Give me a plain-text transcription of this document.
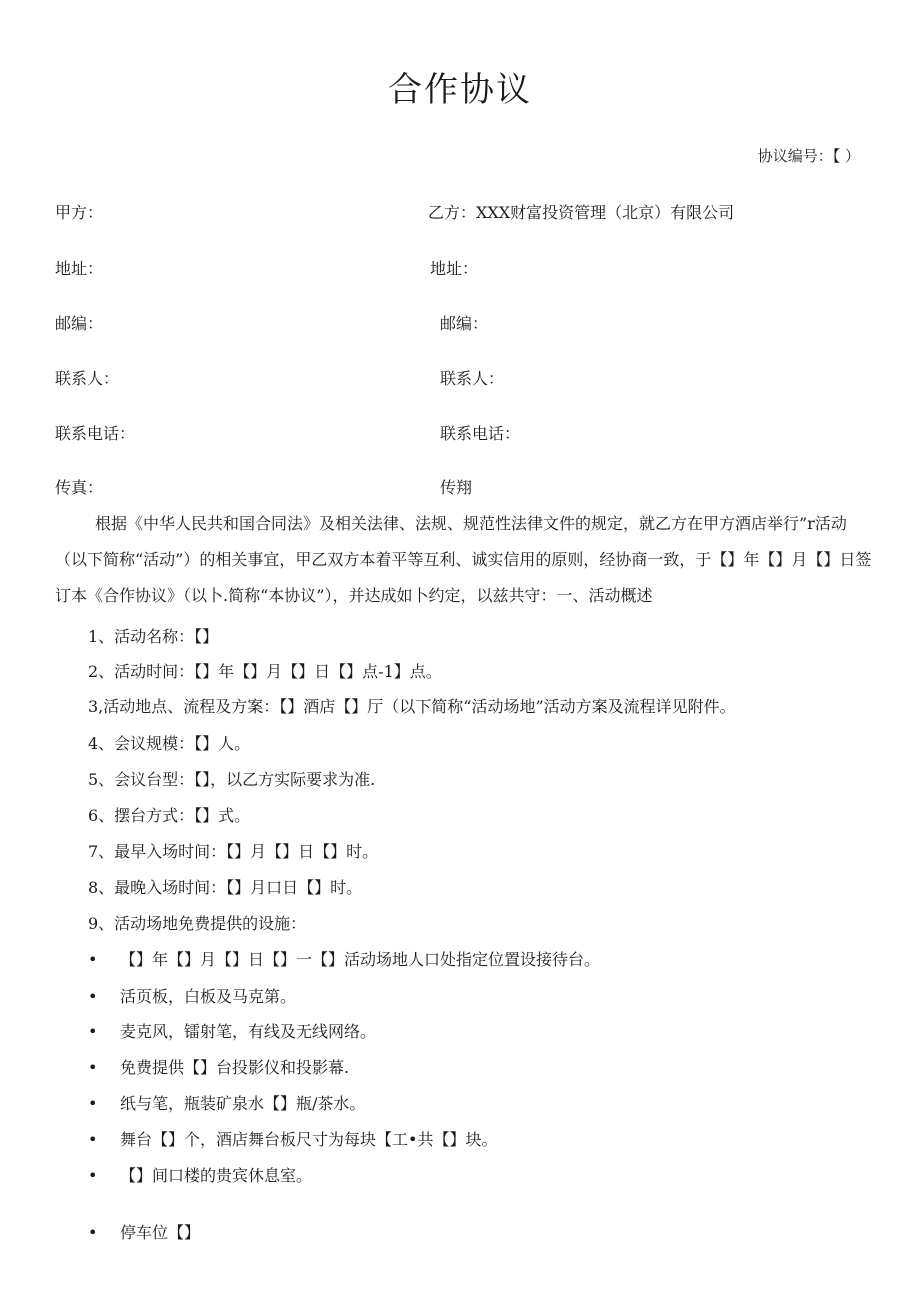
合作协议
协议编号：【 ）
甲方：
地址：
邮编：
联系人：
联系电话：
传真：
乙方：XXX财富投资管理（北京）有限公司
地址：
邮编：
联系人：
联系电话：
传翔
根据《中华人民共和国合同法》及相关法律、法规、规范性法律文件的规定，就乙方在甲方酒店举行”r活动（以下简称“活动”）的相关事宜，甲乙双方本着平等互利、诚实信用的原则，经协商一致，于【】年【】月【】日签订本《合作协议》（以卜.简称“本协议”），并达成如卜约定，以兹共守：一、活动概述
1、活动名称：【】
2、活动时间：【】年【】月【】日【】点-1】点。
3,活动地点、流程及方案：【】酒店【】厅（以下简称“活动场地”活动方案及流程详见附件。
4、会议规模：【】人。
5、会议台型：【】，以乙方实际要求为准.
6、摆台方式：【】式。
7、最早入场时间：【】月【】日【】时。
8、最晚入场时间：【】月口日【】时。
9、活动场地免费提供的设施：
• 【】年【】月【】日【】一【】活动场地人口处指定位置设接待台。
• 活页板，白板及马克第。
• 麦克风，镭射笔，有线及无线网络。
• 免费提供【】台投影仪和投影幕.
• 纸与笔，瓶装矿泉水【】瓶/茶水。
• 舞台【】个，酒店舞台板尺寸为每块【工•共【】块。
• 【】间口楼的贵宾休息室。
• 停车位【】
